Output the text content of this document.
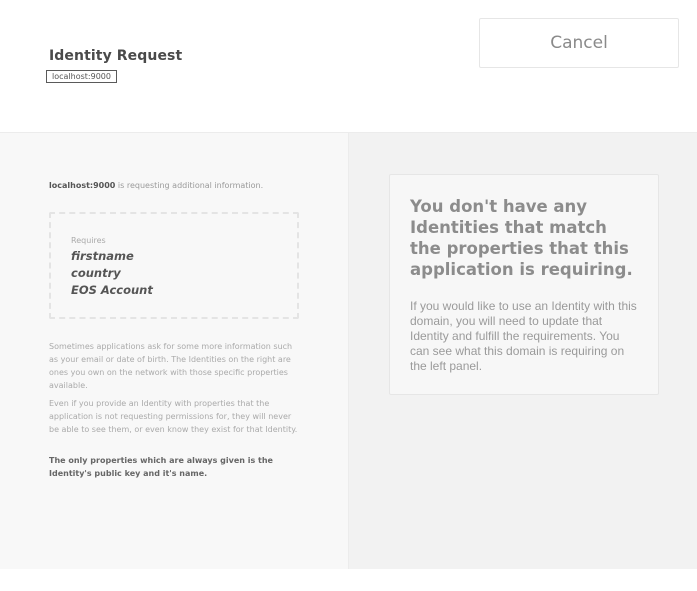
Identity Request
localhost:9000
Cancel
localhost:9000 is requesting additional information.
Requires
firstname
country
EOS Account
Sometimes applications ask for some more information such as your email or date of birth. The Identities on the right are ones you own on the network with those specific properties available.
Even if you provide an Identity with properties that the application is not requesting permissions for, they will never be able to see them, or even know they exist for that Identity.
The only properties which are always given is the Identity's public key and it's name.
You don't have any Identities that match the properties that this application is requiring.
If you would like to use an Identity with this domain, you will need to update that Identity and fulfill the requirements. You can see what this domain is requiring on the left panel.
